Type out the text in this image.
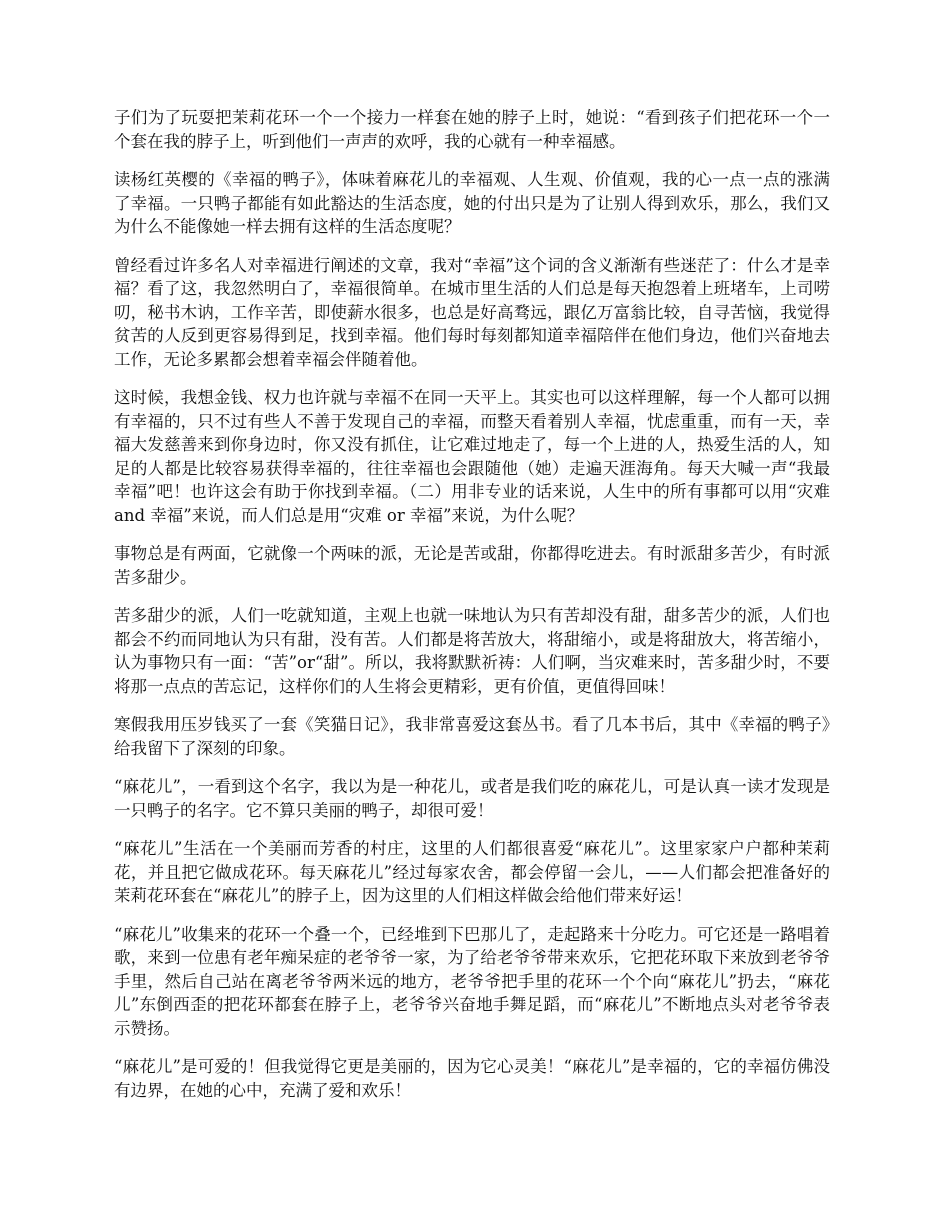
子们为了玩耍把茉莉花环一个一个接力一样套在她的脖子上时，她说：“看到孩子们把花环一个一个套在我的脖子上，听到他们一声声的欢呼，我的心就有一种幸福感。

读杨红英樱的《幸福的鸭子》，体味着麻花儿的幸福观、人生观、价值观，我的心一点一点的涨满了幸福。一只鸭子都能有如此豁达的生活态度，她的付出只是为了让别人得到欢乐，那么，我们又为什么不能像她一样去拥有这样的生活态度呢？

曾经看过许多名人对幸福进行阐述的文章，我对“幸福”这个词的含义渐渐有些迷茫了：什么才是幸福？看了这，我忽然明白了，幸福很简单。在城市里生活的人们总是每天抱怨着上班堵车，上司唠叨，秘书木讷，工作辛苦，即使薪水很多，也总是好高骛远，跟亿万富翁比较，自寻苦恼，我觉得贫苦的人反到更容易得到足，找到幸福。他们每时每刻都知道幸福陪伴在他们身边，他们兴奋地去工作，无论多累都会想着幸福会伴随着他。

这时候，我想金钱、权力也许就与幸福不在同一天平上。其实也可以这样理解，每一个人都可以拥有幸福的，只不过有些人不善于发现自己的幸福，而整天看着别人幸福，忧虑重重，而有一天，幸福大发慈善来到你身边时，你又没有抓住，让它难过地走了，每一个上进的人，热爱生活的人，知足的人都是比较容易获得幸福的，往往幸福也会跟随他（她）走遍天涯海角。每天大喊一声“我最幸福”吧！也许这会有助于你找到幸福。（二）用非专业的话来说，人生中的所有事都可以用“灾难 and 幸福”来说，而人们总是用“灾难 or 幸福”来说，为什么呢？

事物总是有两面，它就像一个两味的派，无论是苦或甜，你都得吃进去。有时派甜多苦少，有时派苦多甜少。

苦多甜少的派，人们一吃就知道，主观上也就一味地认为只有苦却没有甜，甜多苦少的派，人们也都会不约而同地认为只有甜，没有苦。人们都是将苦放大，将甜缩小，或是将甜放大，将苦缩小，认为事物只有一面：“苦”or“甜”。所以，我将默默祈祷：人们啊，当灾难来时，苦多甜少时，不要将那一点点的苦忘记，这样你们的人生将会更精彩，更有价值，更值得回味！

寒假我用压岁钱买了一套《笑猫日记》，我非常喜爱这套丛书。看了几本书后，其中《幸福的鸭子》给我留下了深刻的印象。

“麻花儿”，一看到这个名字，我以为是一种花儿，或者是我们吃的麻花儿，可是认真一读才发现是一只鸭子的名字。它不算只美丽的鸭子，却很可爱！

“麻花儿”生活在一个美丽而芳香的村庄，这里的人们都很喜爱“麻花儿”。这里家家户户都种茉莉花，并且把它做成花环。每天麻花儿”经过每家农舍，都会停留一会儿，——人们都会把准备好的茉莉花环套在“麻花儿”的脖子上，因为这里的人们相这样做会给他们带来好运！

“麻花儿”收集来的花环一个叠一个，已经堆到下巴那儿了，走起路来十分吃力。可它还是一路唱着歌，来到一位患有老年痴呆症的老爷爷一家，为了给老爷爷带来欢乐，它把花环取下来放到老爷爷手里，然后自己站在离老爷爷两米远的地方，老爷爷把手里的花环一个个向“麻花儿”扔去，“麻花儿”东倒西歪的把花环都套在脖子上，老爷爷兴奋地手舞足蹈，而“麻花儿”不断地点头对老爷爷表示赞扬。

“麻花儿”是可爱的！但我觉得它更是美丽的，因为它心灵美！“麻花儿”是幸福的，它的幸福仿佛没有边界，在她的心中，充满了爱和欢乐！
